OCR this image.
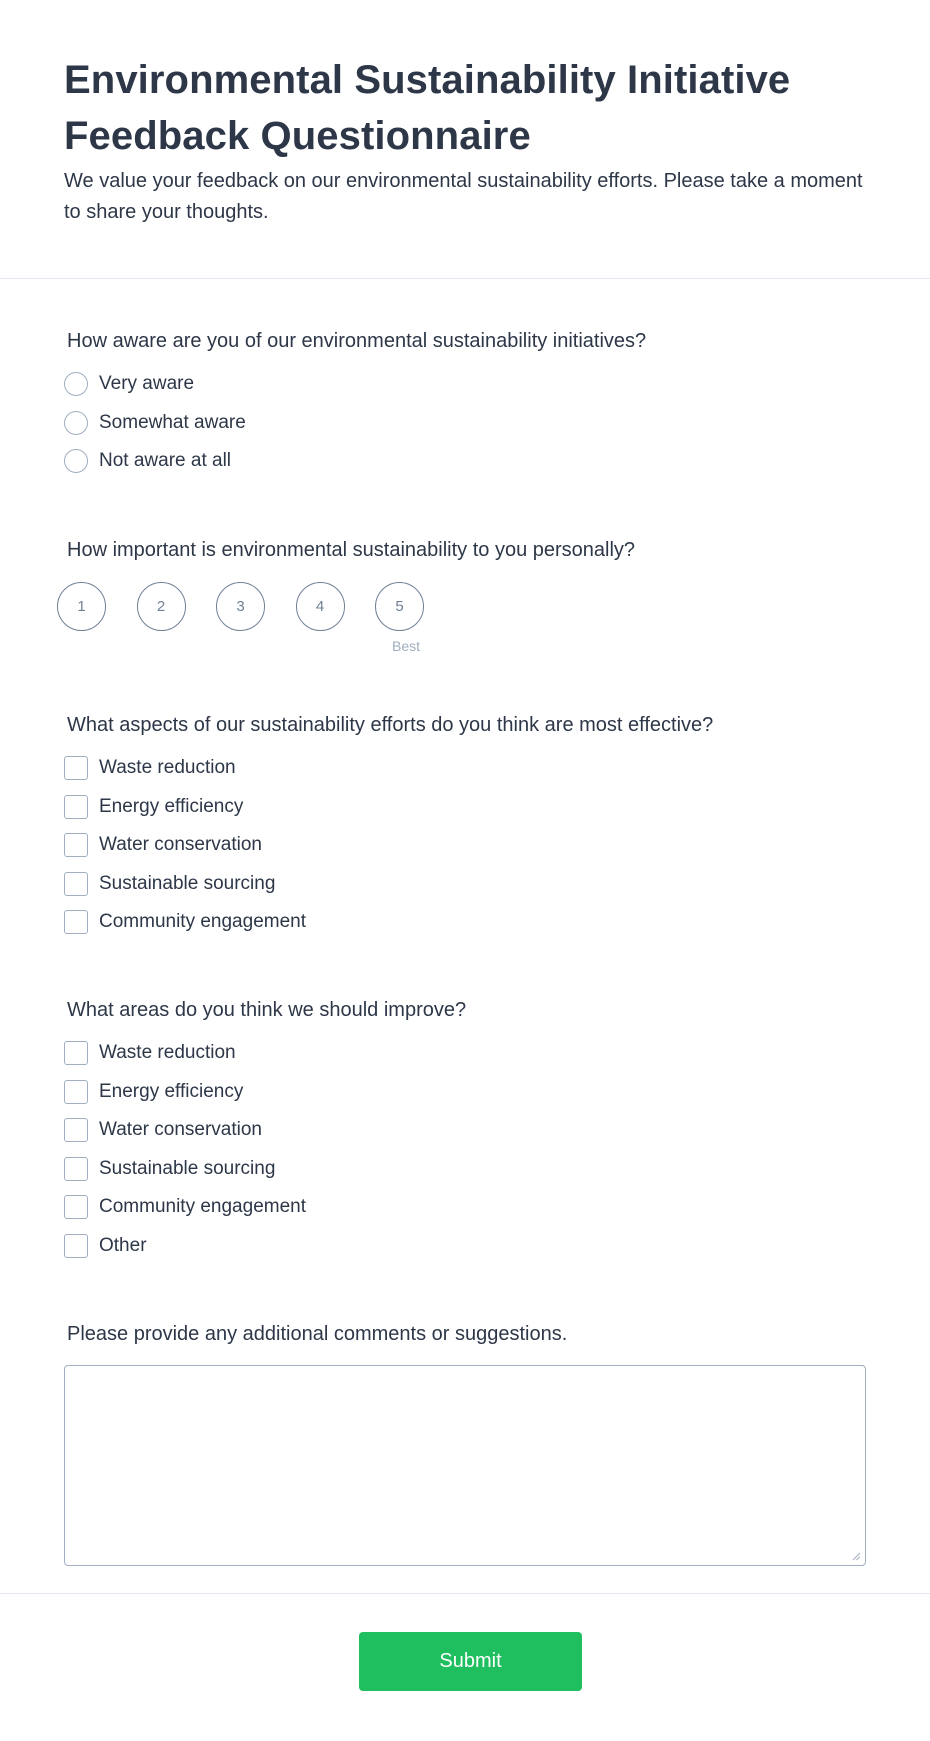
Environmental Sustainability Initiative Feedback Questionnaire

We value your feedback on our environmental sustainability efforts. Please take a moment to share your thoughts.

How aware are you of our environmental sustainability initiatives?
Very aware
Somewhat aware
Not aware at all
How important is environmental sustainability to you personally?
1	2	3	4	5
Best
What aspects of our sustainability efforts do you think are most effective?
Waste reduction
Energy efficiency
Water conservation
Sustainable sourcing
Community engagement
What areas do you think we should improve?
Waste reduction
Energy efficiency
Water conservation
Sustainable sourcing
Community engagement
Other
Please provide any additional comments or suggestions.
Submit
